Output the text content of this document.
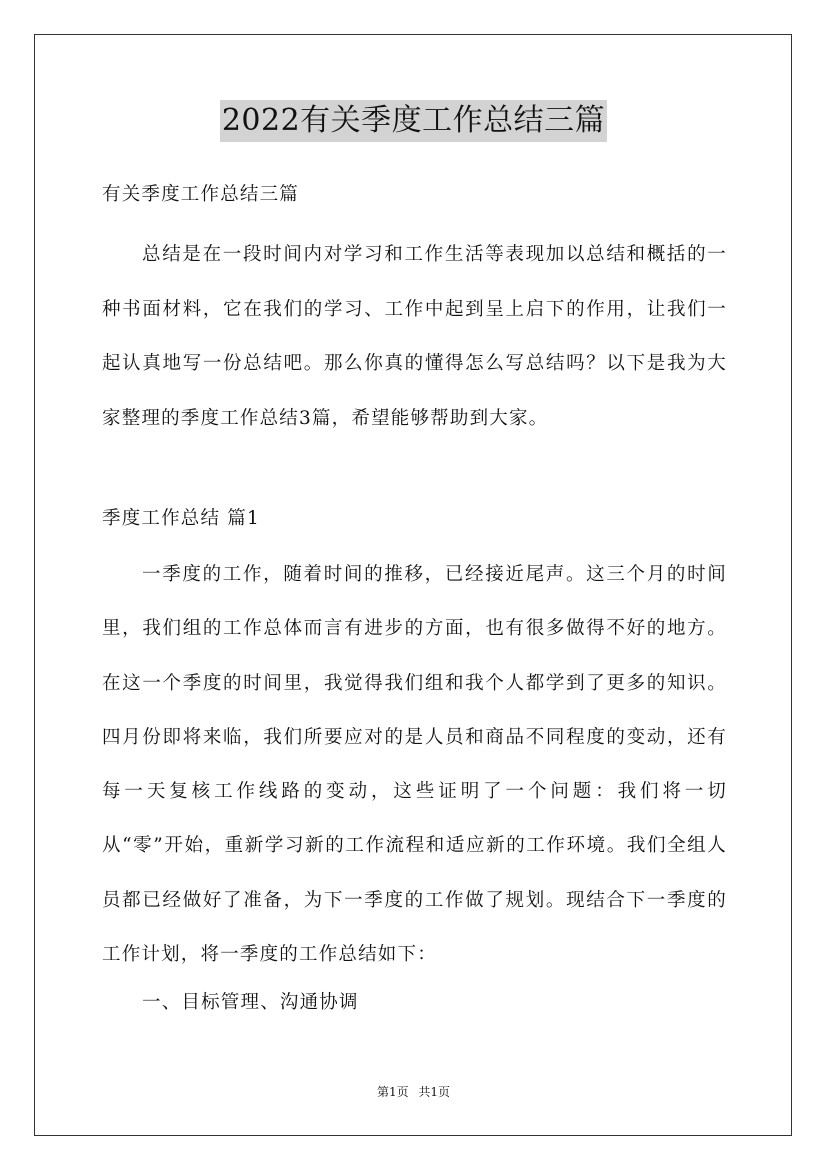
2022有关季度工作总结三篇
有关季度工作总结三篇
总结是在一段时间内对学习和工作生活等表现加以总结和概括的一种书面材料，它在我们的学习、工作中起到呈上启下的作用，让我们一起认真地写一份总结吧。那么你真的懂得怎么写总结吗？以下是我为大家整理的季度工作总结3篇，希望能够帮助到大家。
季度工作总结 篇1
一季度的工作，随着时间的推移，已经接近尾声。这三个月的时间里，我们组的工作总体而言有进步的方面，也有很多做得不好的地方。在这一个季度的时间里，我觉得我们组和我个人都学到了更多的知识。四月份即将来临，我们所要应对的是人员和商品不同程度的变动，还有每一天复核工作线路的变动，这些证明了一个问题：我们将一切从“零”开始，重新学习新的工作流程和适应新的工作环境。我们全组人员都已经做好了准备，为下一季度的工作做了规划。现结合下一季度的工作计划，将一季度的工作总结如下：
一、目标管理、沟通协调
第1页 共1页
